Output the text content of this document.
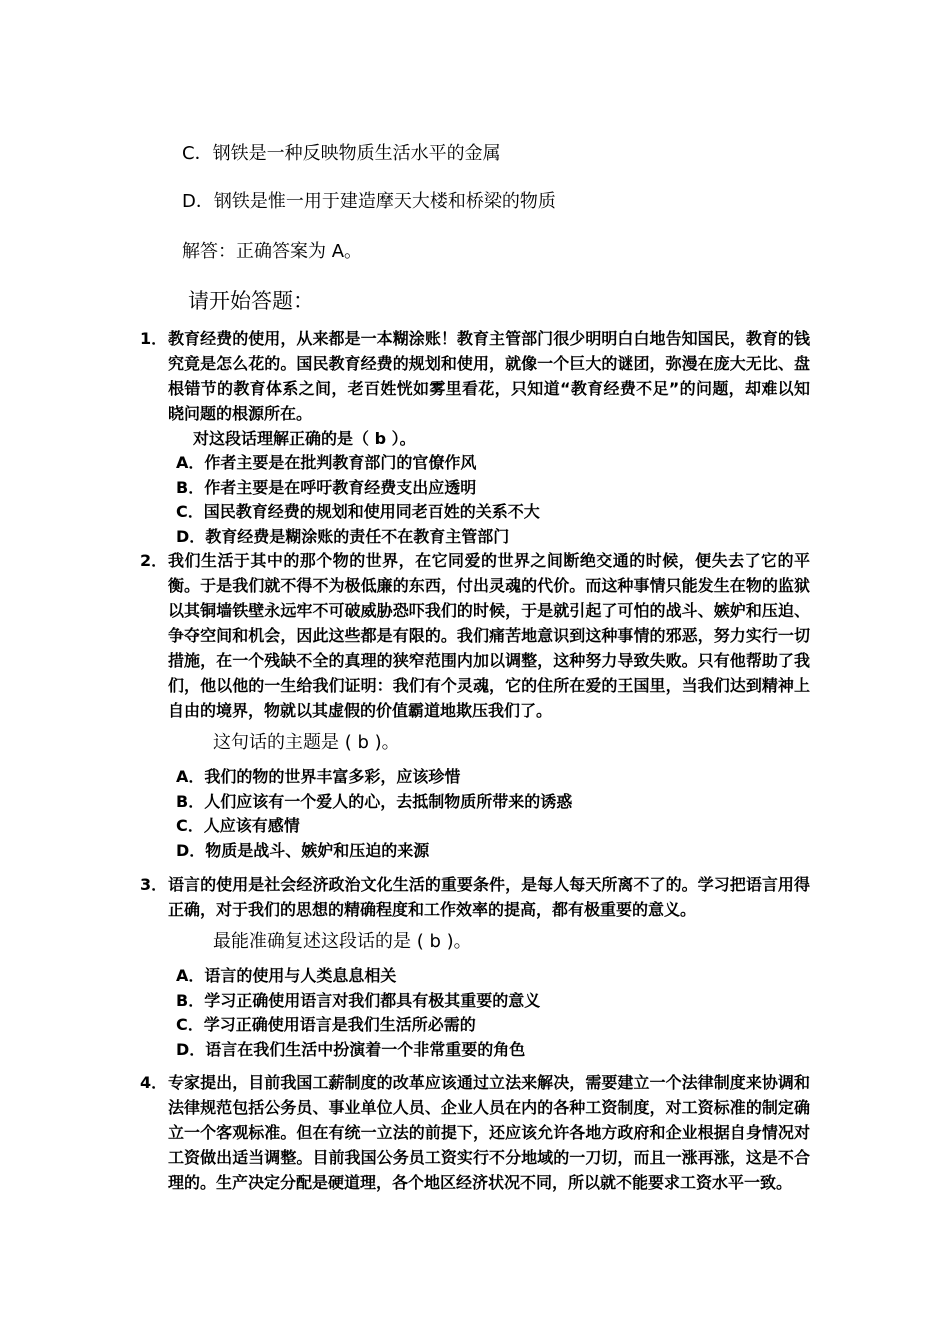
C．钢铁是一种反映物质生活水平的金属
D．钢铁是惟一用于建造摩天大楼和桥梁的物质
解答：正确答案为 A。
请开始答题：
1． 教育经费的使用，从来都是一本糊涂账！教育主管部门很少明明白白地告知国民，教育的钱究竟是怎么花的。国民教育经费的规划和使用，就像一个巨大的谜团，弥漫在庞大无比、盘根错节的教育体系之间，老百姓恍如雾里看花，只知道“教育经费不足”的问题，却难以知晓问题的根源所在。
对这段话理解正确的是（ b ）。
A．作者主要是在批判教育部门的官僚作风
B．作者主要是在呼吁教育经费支出应透明
C．国民教育经费的规划和使用同老百姓的关系不大
D．教育经费是糊涂账的责任不在教育主管部门
2． 我们生活于其中的那个物的世界，在它同爱的世界之间断绝交通的时候，便失去了它的平衡。于是我们就不得不为极低廉的东西，付出灵魂的代价。而这种事情只能发生在物的监狱以其铜墙铁壁永远牢不可破威胁恐吓我们的时候，于是就引起了可怕的战斗、嫉妒和压迫、争夺空间和机会，因此这些都是有限的。我们痛苦地意识到这种事情的邪恶，努力实行一切措施，在一个残缺不全的真理的狭窄范围内加以调整，这种努力导致失败。只有他帮助了我们，他以他的一生给我们证明：我们有个灵魂，它的住所在爱的王国里，当我们达到精神上自由的境界，物就以其虚假的价值霸道地欺压我们了。
这句话的主题是 ( b )。
A．我们的物的世界丰富多彩，应该珍惜
B．人们应该有一个爱人的心，去抵制物质所带来的诱惑
C．人应该有感情
D．物质是战斗、嫉妒和压迫的来源
3． 语言的使用是社会经济政治文化生活的重要条件，是每人每天所离不了的。学习把语言用得正确，对于我们的思想的精确程度和工作效率的提高，都有极重要的意义。
最能准确复述这段话的是 ( b )。
A．语言的使用与人类息息相关
B．学习正确使用语言对我们都具有极其重要的意义
C．学习正确使用语言是我们生活所必需的
D．语言在我们生活中扮演着一个非常重要的角色
4． 专家提出，目前我国工薪制度的改革应该通过立法来解决，需要建立一个法律制度来协调和法律规范包括公务员、事业单位人员、企业人员在内的各种工资制度，对工资标准的制定确立一个客观标准。但在有统一立法的前提下，还应该允许各地方政府和企业根据自身情况对工资做出适当调整。目前我国公务员工资实行不分地域的一刀切，而且一涨再涨，这是不合理的。生产决定分配是硬道理，各个地区经济状况不同，所以就不能要求工资水平一致。
